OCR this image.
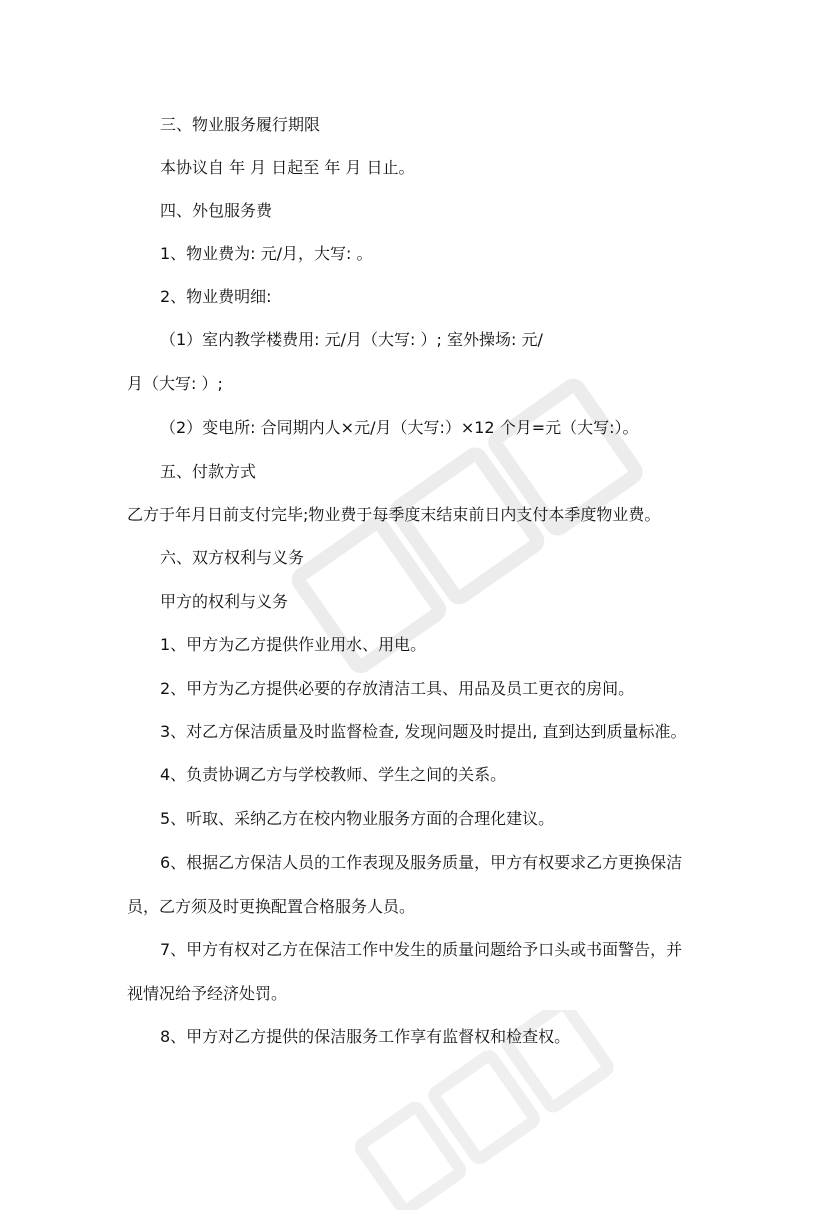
三、物业服务履行期限
本协议自 年 月 日起至 年 月 日止。
四、外包服务费
1、物业费为: 元/月，大写: 。
2、物业费明细:
（1）室内教学楼费用: 元/月（大写: ）; 室外操场: 元/
月（大写: ）;
（2）变电所: 合同期内人×元/月（大写:）×12 个月=元（大写:）。
五、付款方式
乙方于年月日前支付完毕;物业费于每季度末结束前日内支付本季度物业费。
六、双方权利与义务
甲方的权利与义务
1、甲方为乙方提供作业用水、用电。
2、甲方为乙方提供必要的存放清洁工具、用品及员工更衣的房间。
3、对乙方保洁质量及时监督检查, 发现问题及时提出, 直到达到质量标准。
4、负责协调乙方与学校教师、学生之间的关系。
5、听取、采纳乙方在校内物业服务方面的合理化建议。
6、根据乙方保洁人员的工作表现及服务质量，甲方有权要求乙方更换保洁
员，乙方须及时更换配置合格服务人员。
7、甲方有权对乙方在保洁工作中发生的质量问题给予口头或书面警告，并
视情况给予经济处罚。
8、甲方对乙方提供的保洁服务工作享有监督权和检查权。
